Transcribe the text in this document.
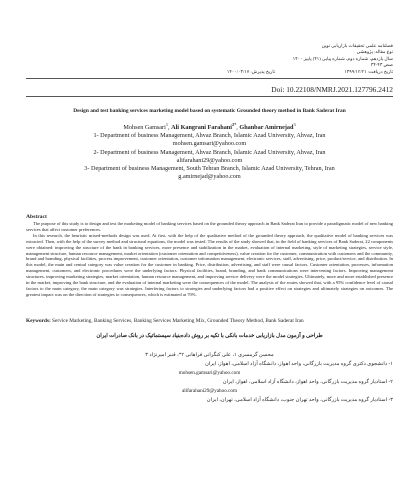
فصلنامه علمی تحقیقات بازاریابی نوین
نوع مقاله: پژوهشی
سال یازدهم، شماره دوم، شماره پیاپی (۴۱) پاییز ۱۴۰۰
صص ۴۳-۳۴
تاریخ دریافت: ۱۳۹۹/۱۲/۲۱
تاریخ پذیرش: ۱۴۰۰/۰۳/۱۷
Doi: 10.22108/NMRJ.2021.127796.2412
Design and test banking services marketing model based on systematic Grounded theory method in Bank Saderat Iran
Mohsen Gamsari$^1$, Ali Kangrani Farahani$^{2*}$, Ghanbar Amirnejad$^3$
1- Department of business Management, Ahvaz Branch, Islamic Azad University, Ahvaz, Iran
mohsen.gamsari@yahoo.com
2- Department of business Management, Ahvaz Branch, Islamic Azad University, Ahvaz, Iran
alifarahani29@yahoo.com
3- Department of business Management, South Tehran Branch, Islamic Azad University, Tehran, Iran
g.amirnejad@yahoo.com
Abstract

The purpose of this study is to design and test the marketing model of banking services based on the grounded theory approach in Bank Saderat Iran to provide a paradigmatic model of new banking services that affect customer preferences.

In this research, the heuristic mixed-methods design was used. At first, with the help of the qualitative method of the grounded theory approach, the qualitative model of banking services was extracted. Then, with the help of the survey method and structural equations, the model was tested. The results of the study showed that, in the field of banking services of Bank Saderat, 22 components were obtained: improving the structure of the bank in banking services, more presence and stabilization in the market, evaluation of internal marketing, style of marketing strategies, service style, management structure, human resource management, market orientation (customer orientation and competitiveness), value creation for the customer, communication with customers and the community, brand and branding, physical facilities, process improvement, customer orientation, customer information management, electronic services, staff, advertising, price, product/service, and distribution. In this model, the main and central category was value creation for the customer in banking. Price, distribution, advertising, and staff were causal factors. Customer orientation, processes, information management, customers, and electronic procedures were the underlying factors. Physical facilities, brand, branding, and bank communications were intervening factors. Improving management structures, improving marketing strategies, market orientation, human resource management, and improving service delivery were the model strategies. Ultimately, more and more established presence in the market, improving the bank structure, and the evaluation of internal marketing were the consequences of the model. The analysis of the routes showed that, with a 95% confidence level of causal factors to the main category, the main category was strategies. Interfering factors to strategies and underlying factors had a positive effect on strategies and ultimately strategies on outcomes. The greatest impact was on the direction of strategies to consequences, which is estimated at 70%.

Keywords: Service Marketing, Banking Services, Banking Services Marketing Mix, Grounded Theory Method, Bank Saderat Iran
طراحی و آزمون مدل بازاریابی خدمات بانکی با تکیه بر روش داده‌بنیاد سیستماتیک در بانک صادرات ایران
محسن گرمسری ۱، علی کنگرانی فراهانی ۲*، قنبر امیرنژاد ۳
۱- دانشجوی دکتری گروه مدیریت بازرگانی، واحد اهواز، دانشگاه آزاد اسلامی، اهواز، ایران
mohsen.gamsari@yahoo.com
۲- استادیار گروه مدیریت بازرگانی، واحد اهواز، دانشگاه آزاد اسلامی، اهواز، ایران
alifarahani29@yahoo.com
۳- استادیار گروه مدیریت بازرگانی، واحد تهران جنوب، دانشگاه آزاد اسلامی، تهران، ایران
